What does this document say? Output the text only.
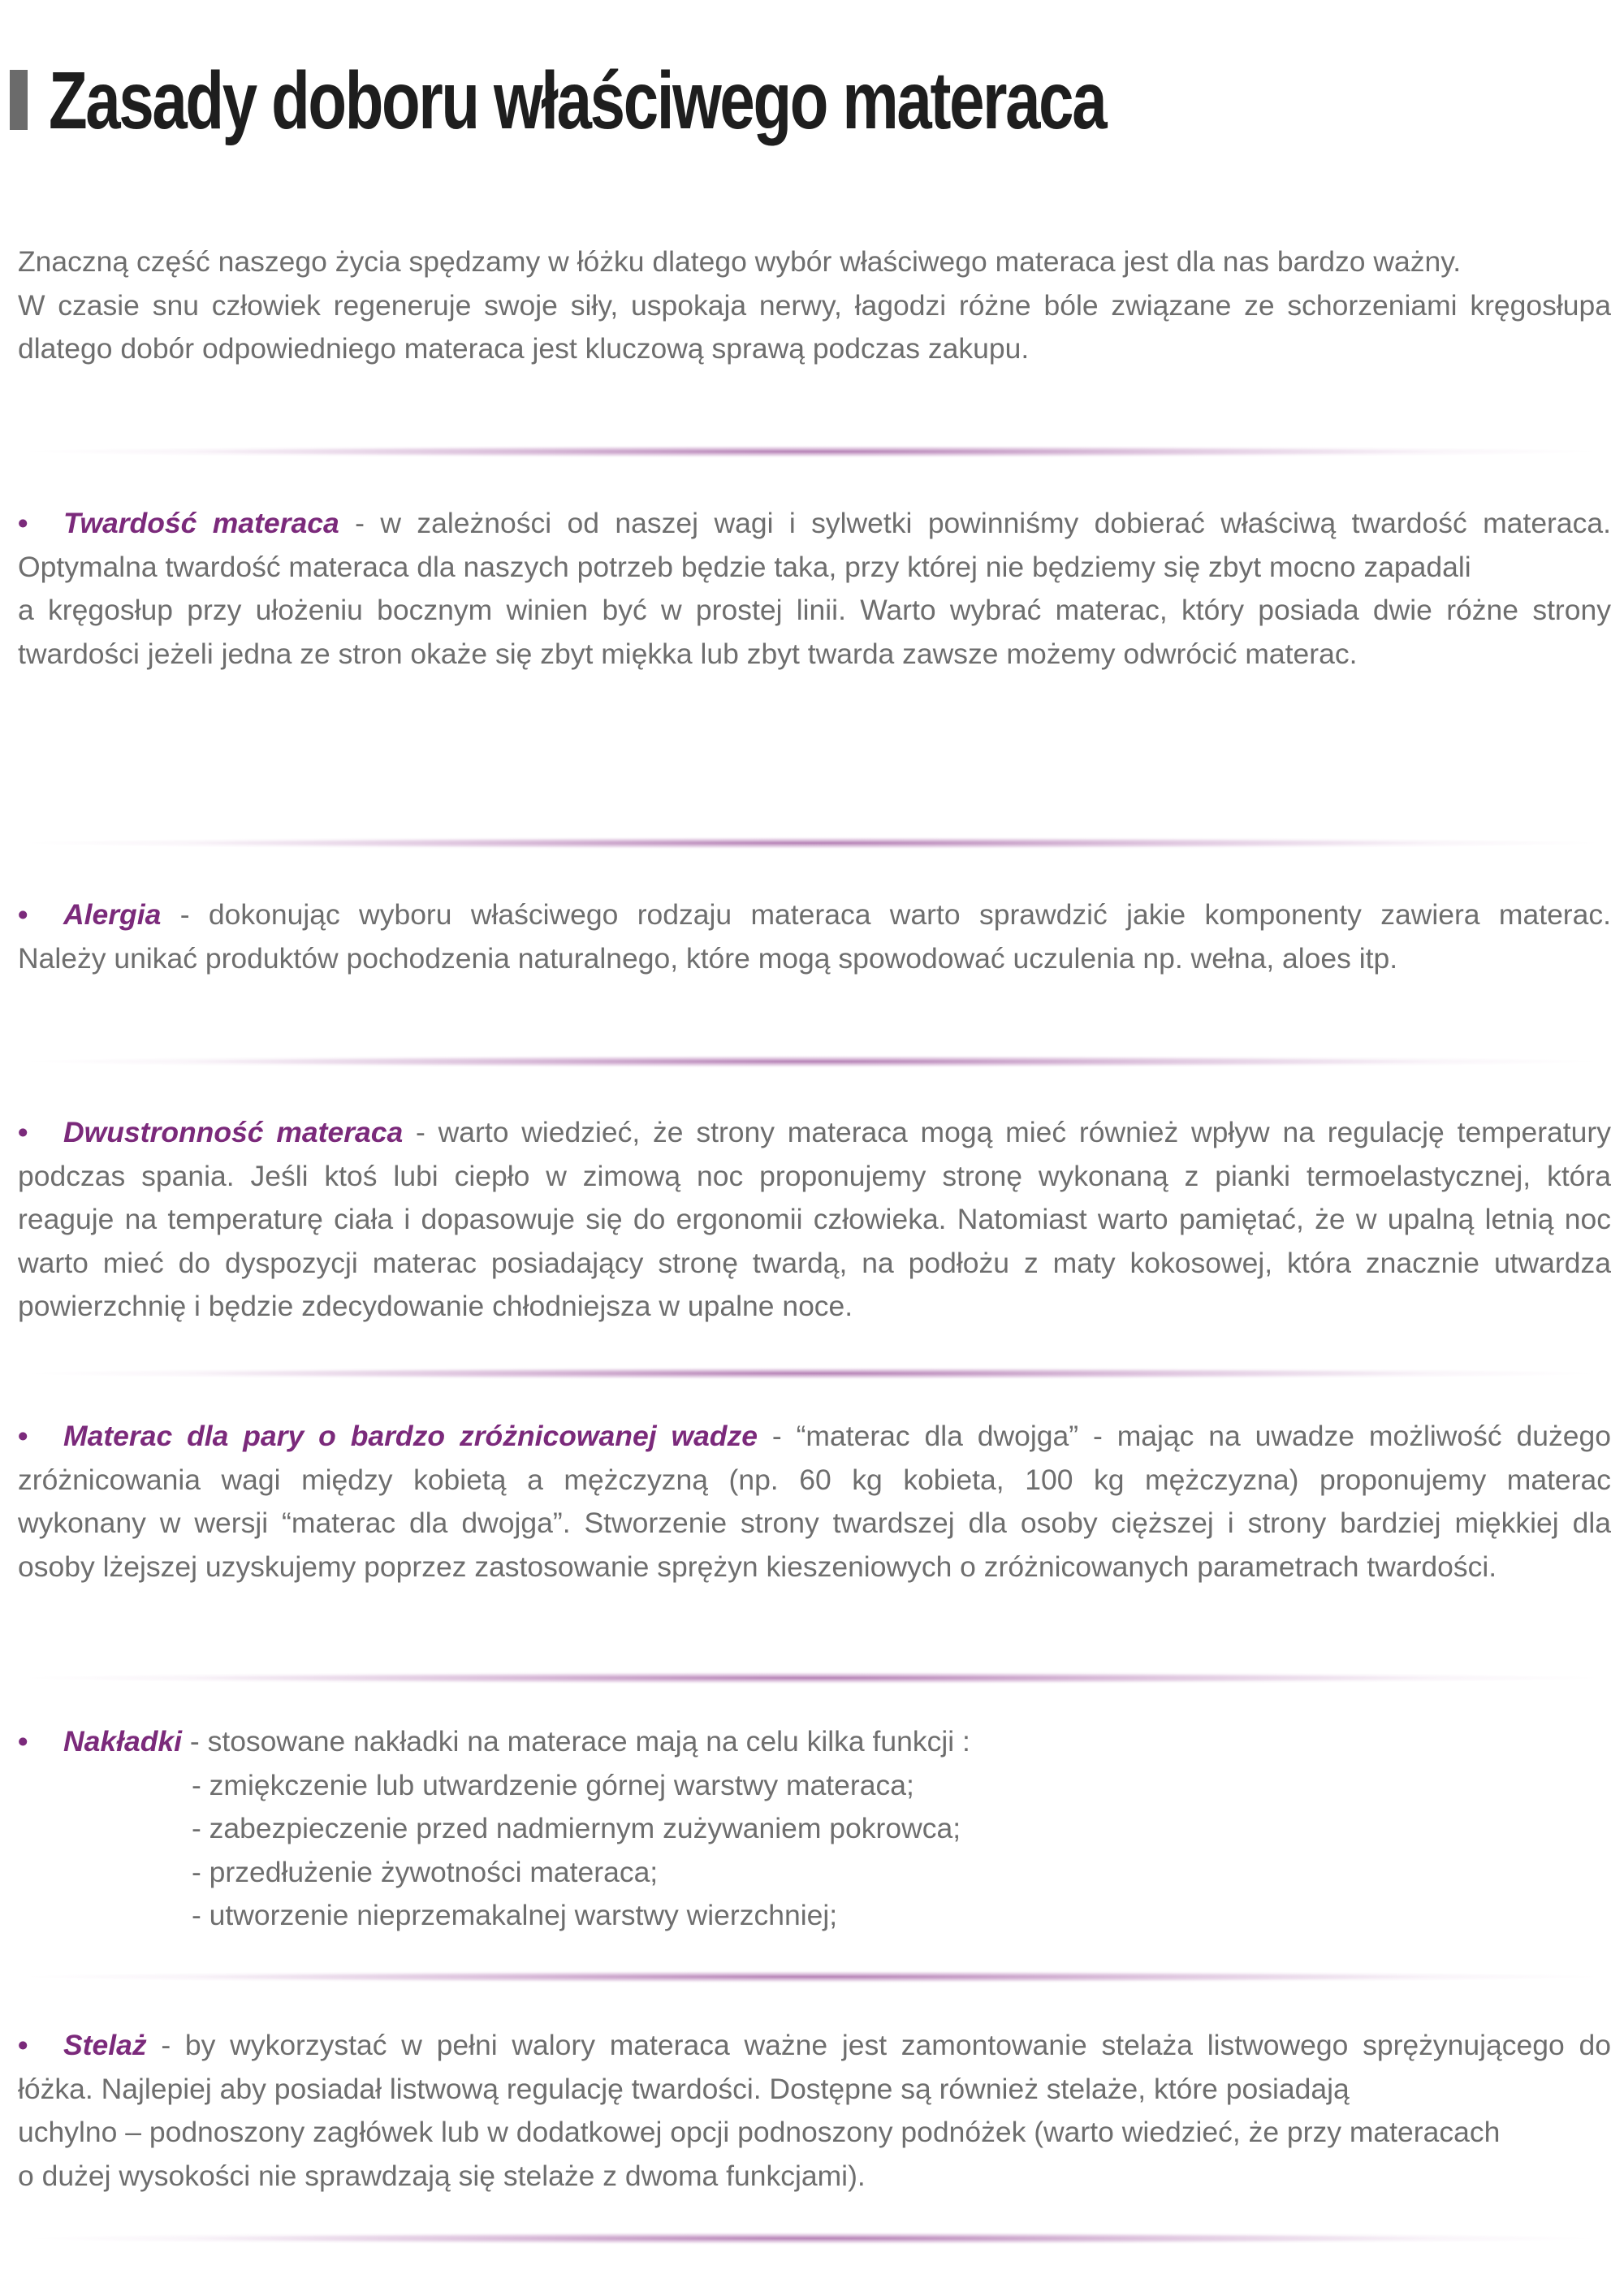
Zasady doboru właściwego materaca

Znaczną część naszego życia spędzamy w łóżku dlatego wybór właściwego materaca jest dla nas bardzo ważny.

W czasie snu człowiek regeneruje swoje siły, uspokaja nerwy, łagodzi różne bóle związane ze schorzeniami kręgosłupa

dlatego dobór odpowiedniego materaca jest kluczową sprawą podczas zakupu.

• Twardość materaca - w zależności od naszej wagi i sylwetki powinniśmy dobierać właściwą twardość materaca.

Optymalna twardość materaca dla naszych potrzeb będzie taka, przy której nie będziemy się zbyt mocno zapadali

a kręgosłup przy ułożeniu bocznym winien być w prostej linii. Warto wybrać materac, który posiada dwie różne strony

twardości jeżeli jedna ze stron okaże się zbyt miękka lub zbyt twarda zawsze możemy odwrócić materac.

• Alergia - dokonując wyboru właściwego rodzaju materaca warto sprawdzić jakie komponenty zawiera materac.

Należy unikać produktów pochodzenia naturalnego, które mogą spowodować uczulenia np. wełna, aloes itp.

• Dwustronność materaca - warto wiedzieć, że strony materaca mogą mieć również wpływ na regulację temperatury

podczas spania. Jeśli ktoś lubi ciepło w zimową noc proponujemy stronę wykonaną z pianki termoelastycznej, która

reaguje na temperaturę ciała i dopasowuje się do ergonomii człowieka. Natomiast warto pamiętać, że w upalną letnią noc

warto mieć do dyspozycji materac posiadający stronę twardą, na podłożu z maty kokosowej, która znacznie utwardza

powierzchnię i będzie zdecydowanie chłodniejsza w upalne noce.

• Materac dla pary o bardzo zróżnicowanej wadze - “materac dla dwojga” - mając na uwadze możliwość dużego

zróżnicowania wagi między kobietą a mężczyzną (np. 60 kg kobieta, 100 kg mężczyzna) proponujemy materac

wykonany w wersji “materac dla dwojga”. Stworzenie strony twardszej dla osoby cięższej i strony bardziej miękkiej dla

osoby lżejszej uzyskujemy poprzez zastosowanie sprężyn kieszeniowych o zróżnicowanych parametrach twardości.

• Nakładki - stosowane nakładki na materace mają na celu kilka funkcji :

- zmiękczenie lub utwardzenie górnej warstwy materaca;

- zabezpieczenie przed nadmiernym zużywaniem pokrowca;

- przedłużenie żywotności materaca;

- utworzenie nieprzemakalnej warstwy wierzchniej;

• Stelaż - by wykorzystać w pełni walory materaca ważne jest zamontowanie stelaża listwowego sprężynującego do

łóżka. Najlepiej aby posiadał listwową regulację twardości. Dostępne są również stelaże, które posiadają

uchylno – podnoszony zagłówek lub w dodatkowej opcji podnoszony podnóżek (warto wiedzieć, że przy materacach

o dużej wysokości nie sprawdzają się stelaże z dwoma funkcjami).
